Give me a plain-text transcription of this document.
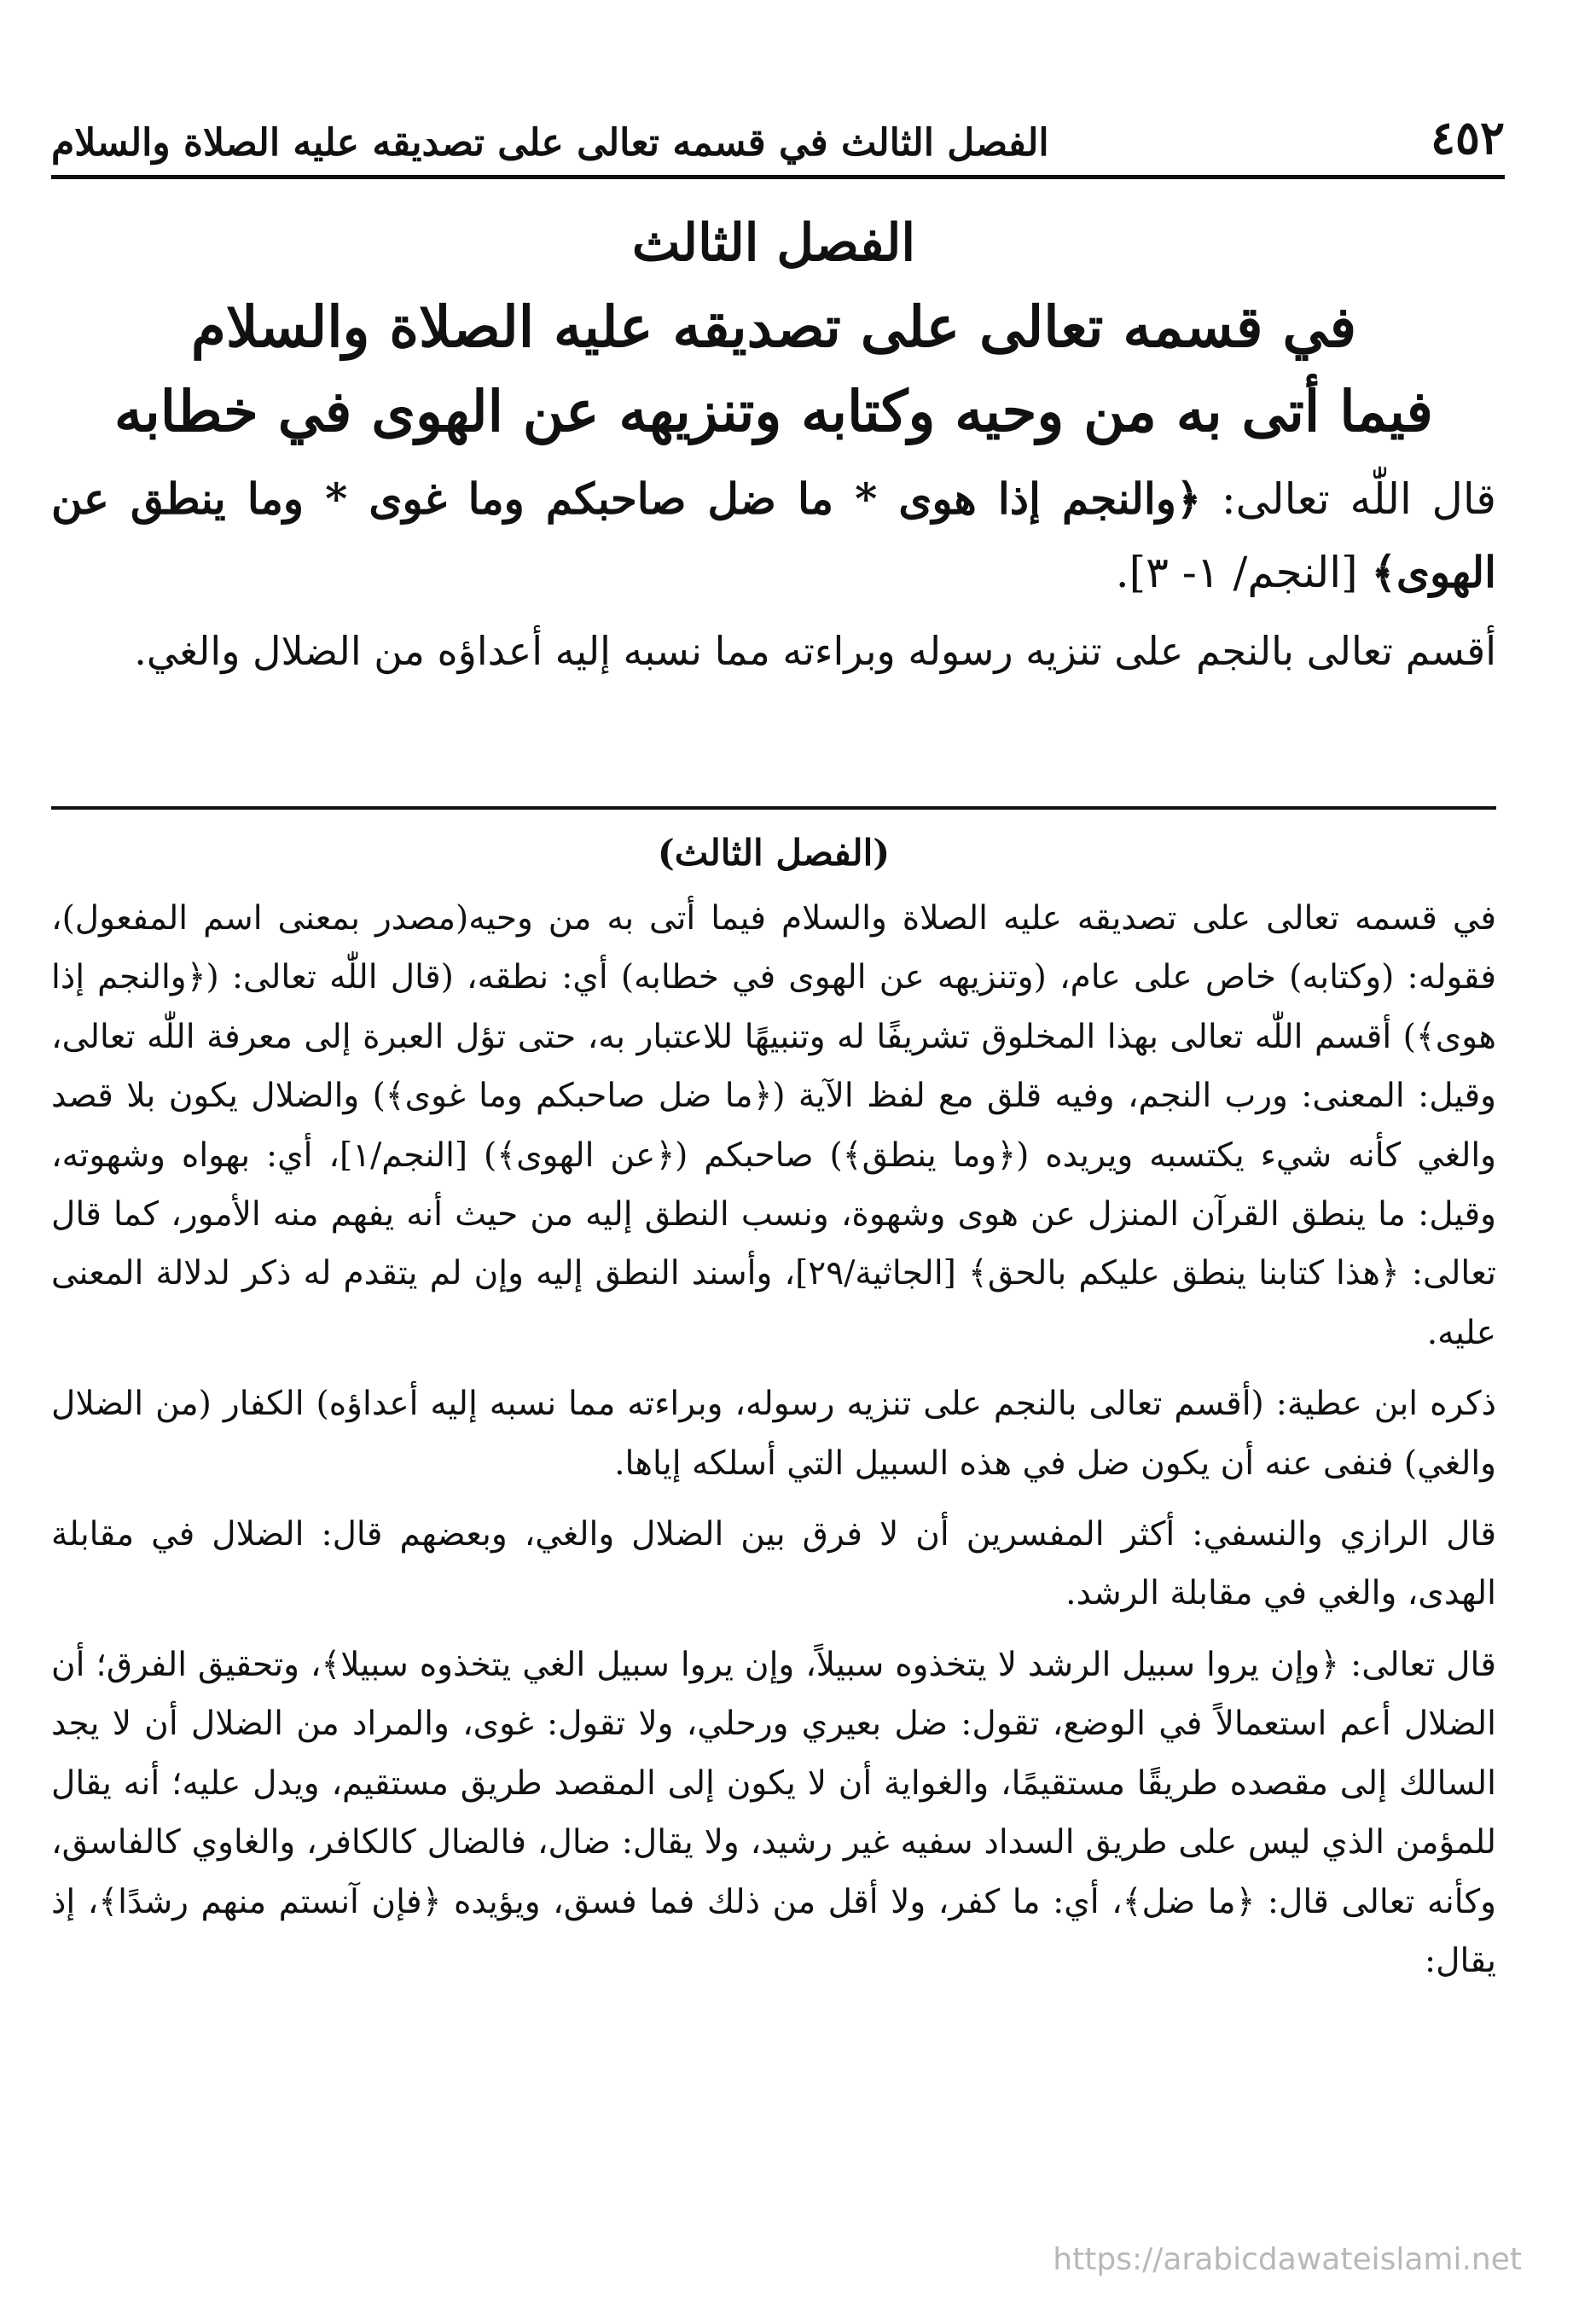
٤٥٢
الفصل الثالث في قسمه تعالى على تصديقه عليه الصلاة والسلام
الفصل الثالث
في قسمه تعالى على تصديقه عليه الصلاة والسلام
فيما أتى به من وحيه وكتابه وتنزيهه عن الهوى في خطابه

قال اللّٰه تعالى: ﴿والنجم إذا هوى * ما ضل صاحبكم وما غوى * وما ينطق عن الهوى﴾ [النجم/ ١- ٣].

أقسم تعالى بالنجم على تنزيه رسوله وبراءته مما نسبه إليه أعداؤه من الضلال والغي.

(الفصل الثالث)

في قسمه تعالى على تصديقه عليه الصلاة والسلام فيما أتى به من وحيه(مصدر بمعنى اسم المفعول)، فقوله: (وكتابه) خاص على عام، (وتنزيهه عن الهوى في خطابه) أي: نطقه، (قال اللّٰه تعالى: (﴿والنجم إذا هوى﴾) أقسم اللّٰه تعالى بهذا المخلوق تشريفًا له وتنبيهًا للاعتبار به، حتى تؤل العبرة إلى معرفة اللّٰه تعالى، وقيل: المعنى: ورب النجم، وفيه قلق مع لفظ الآية (﴿ما ضل صاحبكم وما غوى﴾) والضلال يكون بلا قصد والغي كأنه شيء يكتسبه ويريده (﴿وما ينطق﴾) صاحبكم (﴿عن الهوى﴾) [النجم/١]، أي: بهواه وشهوته، وقيل: ما ينطق القرآن المنزل عن هوى وشهوة، ونسب النطق إليه من حيث أنه يفهم منه الأمور، كما قال تعالى: ﴿هذا كتابنا ينطق عليكم بالحق﴾ [الجاثية/٢٩]، وأسند النطق إليه وإن لم يتقدم له ذكر لدلالة المعنى عليه.

ذكره ابن عطية: (أقسم تعالى بالنجم على تنزيه رسوله، وبراءته مما نسبه إليه أعداؤه) الكفار (من الضلال والغي) فنفى عنه أن يكون ضل في هذه السبيل التي أسلكه إياها.

قال الرازي والنسفي: أكثر المفسرين أن لا فرق بين الضلال والغي، وبعضهم قال: الضلال في مقابلة الهدى، والغي في مقابلة الرشد.

قال تعالى: ﴿وإن يروا سبيل الرشد لا يتخذوه سبيلاً، وإن يروا سبيل الغي يتخذوه سبيلا﴾، وتحقيق الفرق؛ أن الضلال أعم استعمالاً في الوضع، تقول: ضل بعيري ورحلي، ولا تقول: غوى، والمراد من الضلال أن لا يجد السالك إلى مقصده طريقًا مستقيمًا، والغواية أن لا يكون إلى المقصد طريق مستقيم، ويدل عليه؛ أنه يقال للمؤمن الذي ليس على طريق السداد سفيه غير رشيد، ولا يقال: ضال، فالضال كالكافر، والغاوي كالفاسق، وكأنه تعالى قال: ﴿ما ضل﴾، أي: ما كفر، ولا أقل من ذلك فما فسق، ويؤيده ﴿فإن آنستم منهم رشدًا﴾، إذ يقال:

https://arabicdawateislami.net
